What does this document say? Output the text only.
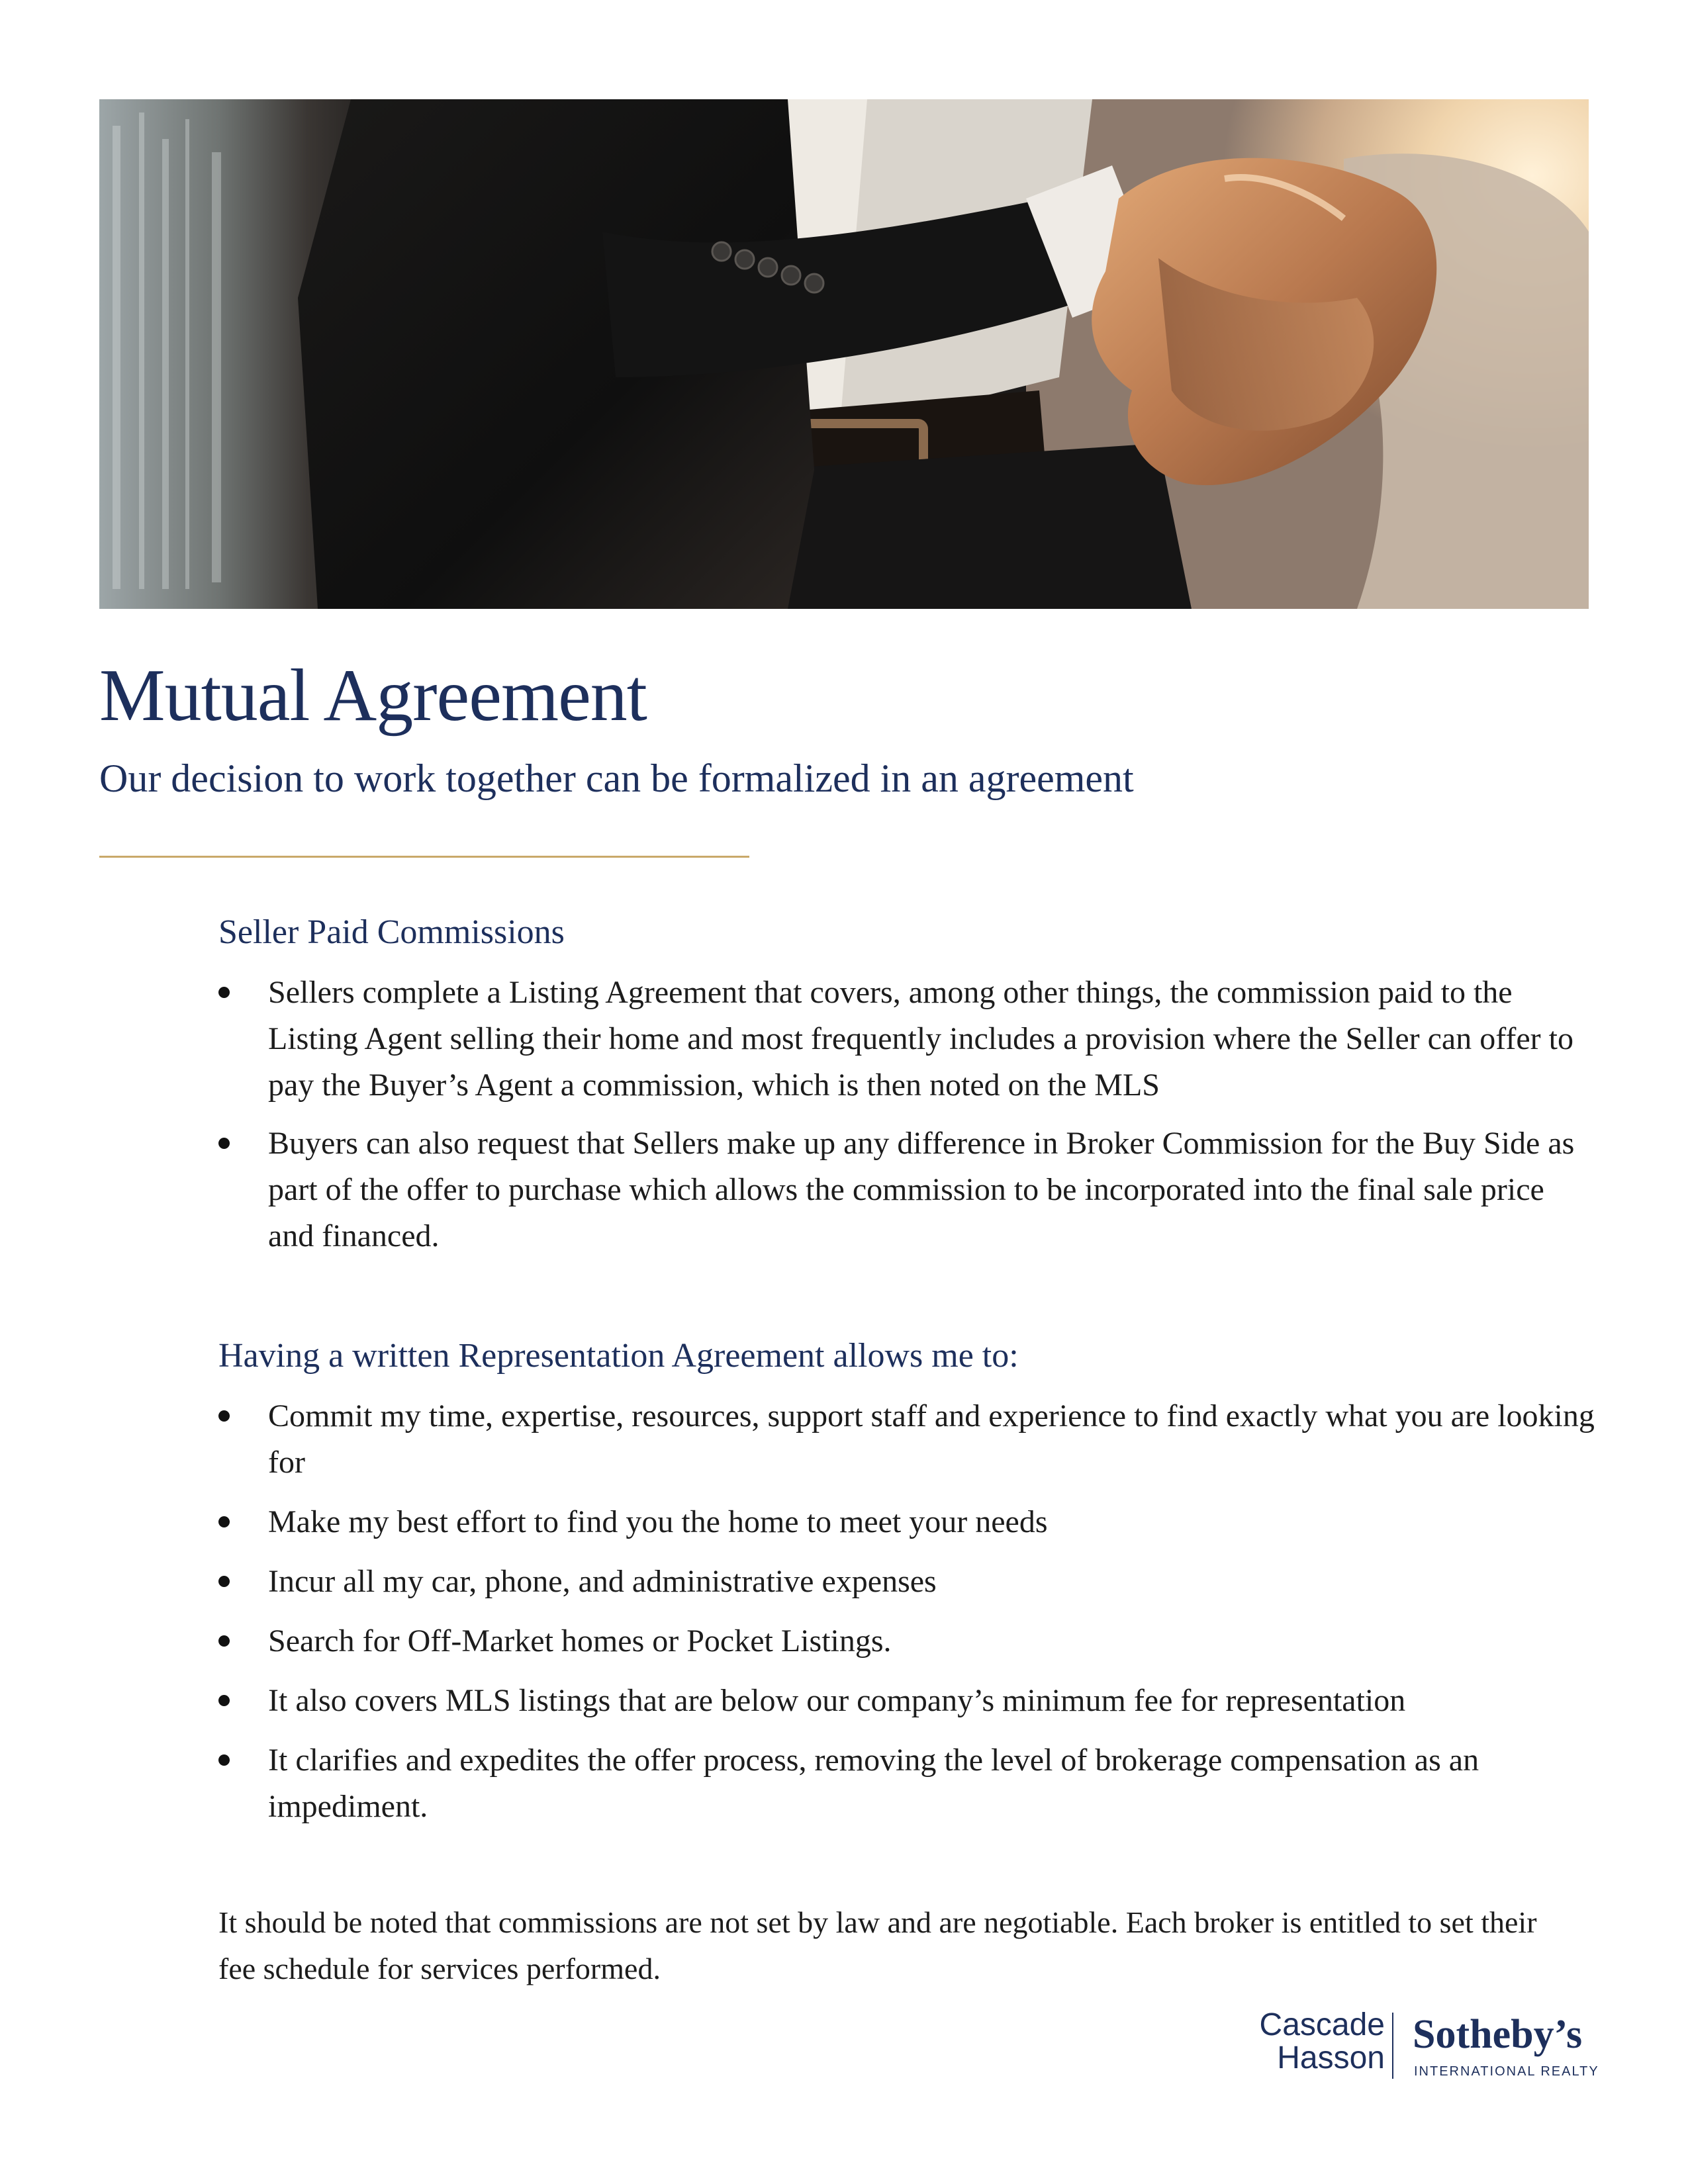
Mutual Agreement

Our decision to work together can be formalized in an agreement

Seller Paid Commissions
Sellers complete a Listing Agreement that covers, among other things, the commission paid to the Listing Agent selling their home and most frequently includes a provision where the Seller can offer to pay the Buyer’s Agent a commission, which is then noted on the MLS
Buyers can also request that Sellers make up any difference in Broker Commission for the Buy Side as part of the offer to purchase which allows the commission to be incorporated into the final sale price and financed.
Having a written Representation Agreement allows me to:
Commit my time, expertise, resources, support staff and experience to find exactly what you are looking for
Make my best effort to find you the home to meet your needs
Incur all my car, phone, and administrative expenses
Search for Off-Market homes or Pocket Listings.
It also covers MLS listings that are below our company’s minimum fee for representation
It clarifies and expedites the offer process, removing the level of brokerage compensation as an impediment.

It should be noted that commissions are not set by law and are negotiable. Each broker is entitled to set their fee schedule for services performed.

Cascade
Hasson
Sotheby’s
INTERNATIONAL REALTY
